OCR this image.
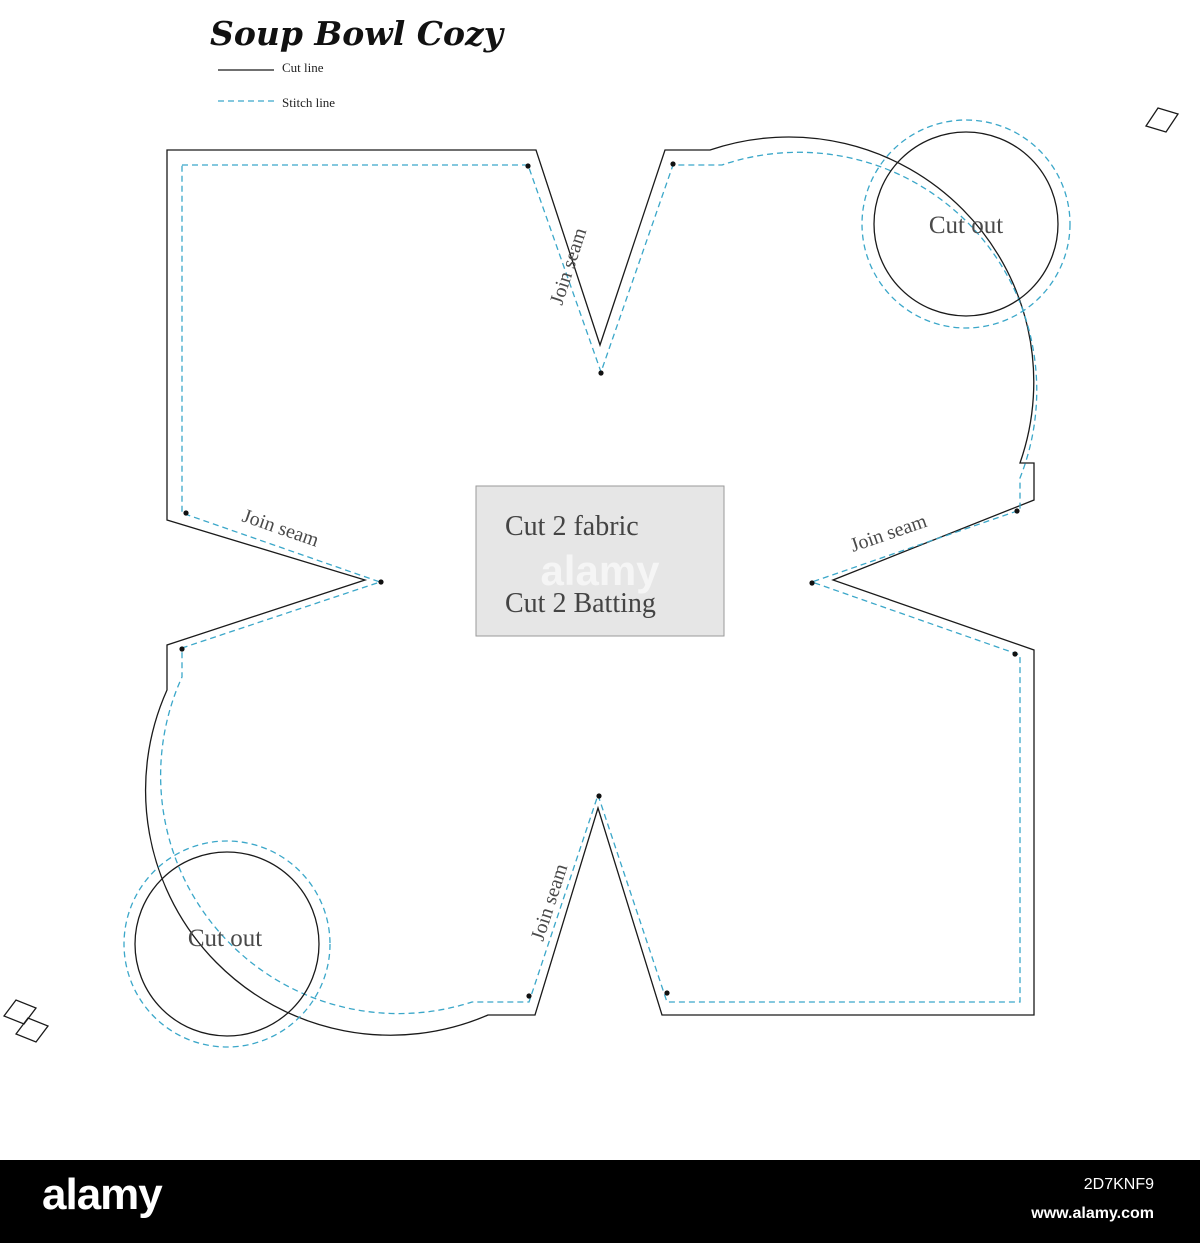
Soup Bowl Cozy
Cut line
Stitch line
Cut out
Cut out
Join seam
Join seam	Join seam
Join seam
alamy
Cut 2 fabric
Cut 2 Batting
alamy	2D7KNF9
www.alamy.com
